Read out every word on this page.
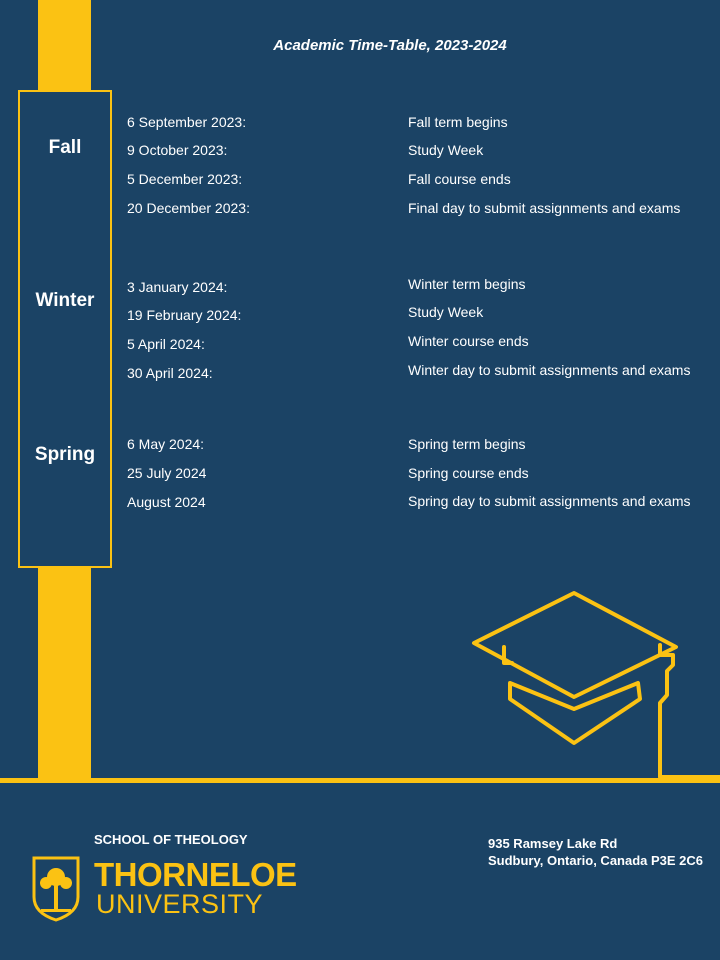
Fall
Winter
Spring
Academic Time-Table, 2023-2024
6 September 2023:	Fall term begins
9 October 2023:	Study Week
5 December 2023:	Fall course ends
20 December 2023:	Final day to submit assignments and exams
3 January 2024:	Winter term begins
19 February 2024:	Study Week
5 April 2024:	Winter course ends
30 April 2024:	Winter day to submit assignments and exams
6 May 2024:	Spring term begins
25 July 2024	Spring course ends
August 2024	Spring day to submit assignments and exams
SCHOOL OF THEOLOGY
THORNELOE
UNIVERSITY
935 Ramsey Lake Rd
Sudbury, Ontario, Canada P3E 2C6
